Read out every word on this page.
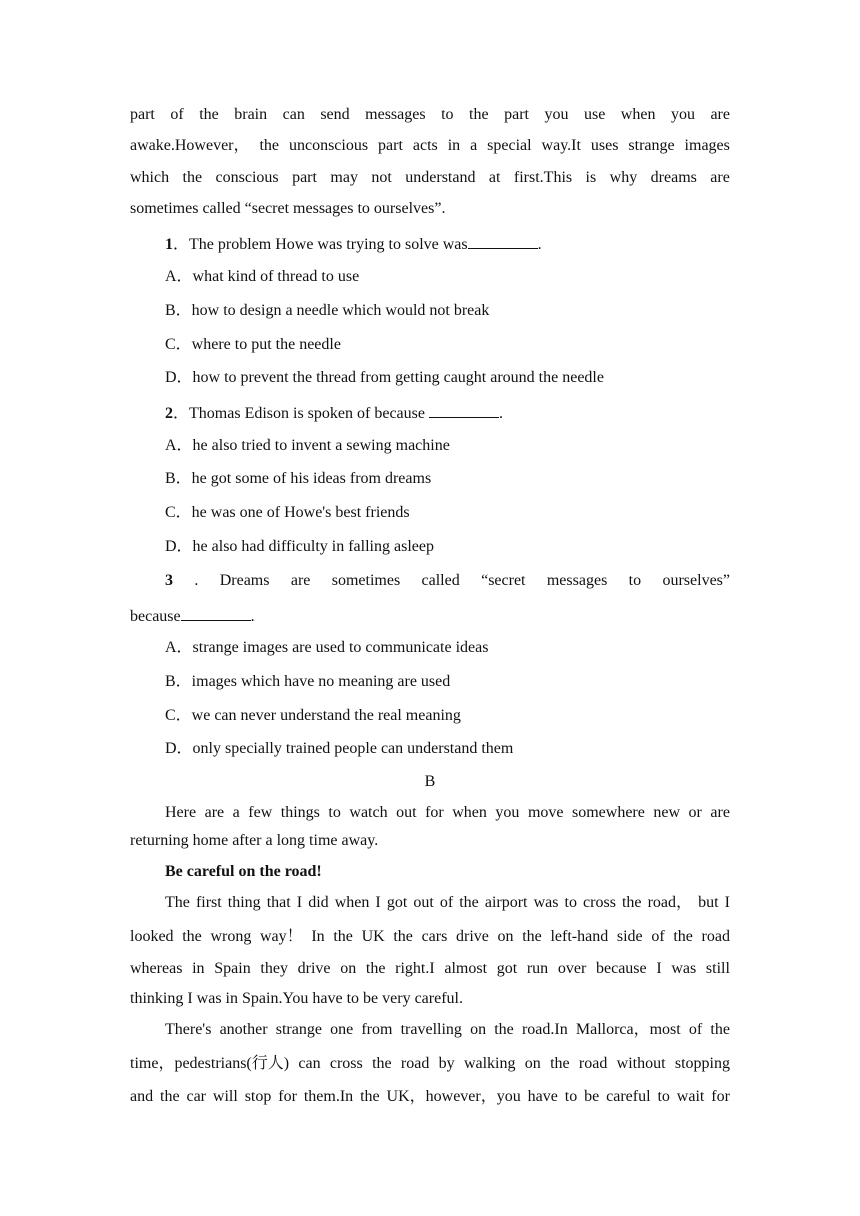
part of the brain can send messages to the part you use when you are
awake.However， the unconscious part acts in a special way.It uses strange images
which the conscious part may not understand at first.This is why dreams are
sometimes called “secret messages to ourselves”.
1．The problem Howe was trying to solve was	.
A．what kind of thread to use
B．how to design a needle which would not break
C．where to put the needle
D．how to prevent the thread from getting caught around the needle
2．Thomas Edison is spoken of because	.
A．he also tried to invent a sewing machine
B．he got some of his ideas from dreams
C．he was one of Howe's best friends
D．he also had difficulty in falling asleep
3 . Dreams are sometimes called “secret messages to ourselves”
because	.
A．strange images are used to communicate ideas
B．images which have no meaning are used
C．we can never understand the real meaning
D．only specially trained people can understand them
B
Here are a few things to watch out for when you move somewhere new or are
returning home after a long time away.
Be careful on the road!
The first thing that I did when I got out of the airport was to cross the road， but I
looked the wrong way！ In the UK the cars drive on the left-hand side of the road
whereas in Spain they drive on the right.I almost got run over because I was still
thinking I was in Spain.You have to be very careful.
There's another strange one from travelling on the road.In Mallorca，most of the
time，pedestrians(行人) can cross the road by walking on the road without stopping
and the car will stop for them.In the UK，however，you have to be careful to wait for
